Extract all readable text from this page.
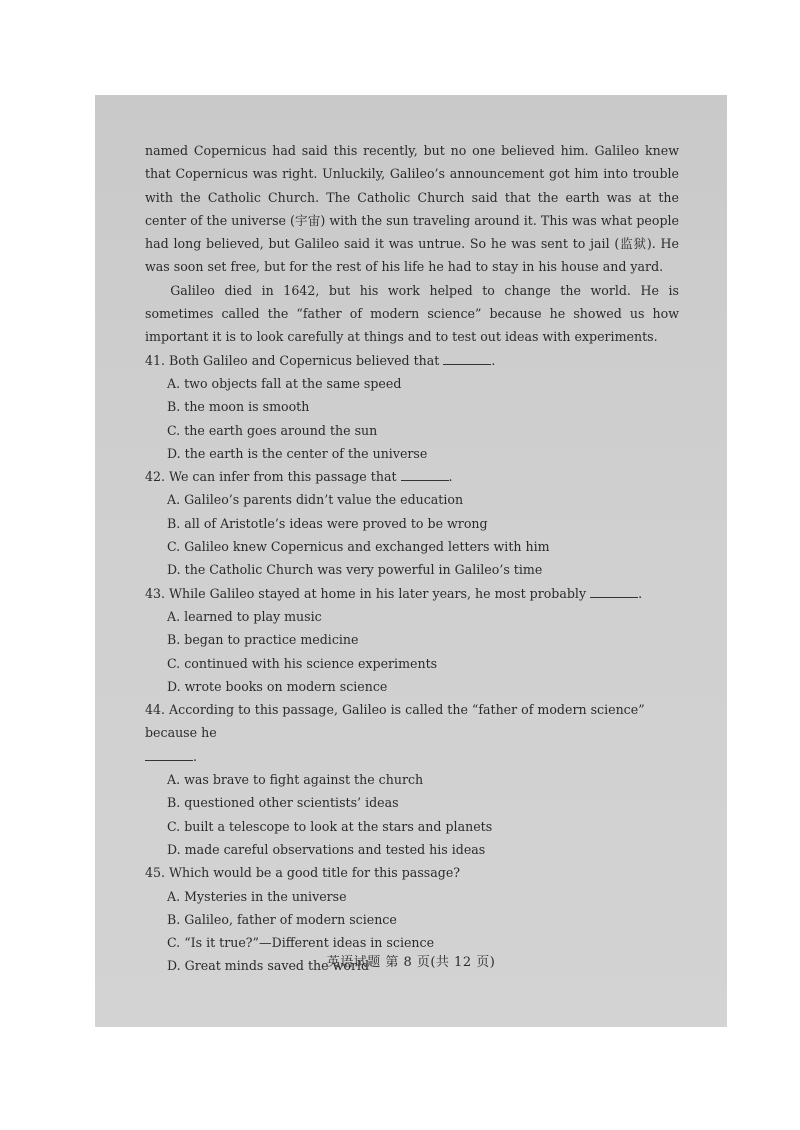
named Copernicus had said this recently, but no one believed him. Galileo knew that Copernicus was right. Unluckily, Galileo’s announcement got him into trouble with the Catholic Church. The Catholic Church said that the earth was at the center of the universe (宇宙) with the sun traveling around it. This was what people had long believed, but Galileo said it was untrue. So he was sent to jail (监狱). He was soon set free, but for the rest of his life he had to stay in his house and yard.

Galileo died in 1642, but his work helped to change the world. He is sometimes called the “father of modern science” because he showed us how important it is to look carefully at things and to test out ideas with experiments.

41. Both Galileo and Copernicus believed that	.
A. two objects fall at the same speed
B. the moon is smooth
C. the earth goes around the sun
D. the earth is the center of the universe
42. We can infer from this passage that	.
A. Galileo’s parents didn’t value the education
B. all of Aristotle’s ideas were proved to be wrong
C. Galileo knew Copernicus and exchanged letters with him
D. the Catholic Church was very powerful in Galileo’s time
43. While Galileo stayed at home in his later years, he most probably	.
A. learned to play music
B. began to practice medicine
C. continued with his science experiments
D. wrote books on modern science
44. According to this passage, Galileo is called the “father of modern science” because he
.
A. was brave to fight against the church
B. questioned other scientists’ ideas
C. built a telescope to look at the stars and planets
D. made careful observations and tested his ideas
45. Which would be a good title for this passage?
A. Mysteries in the universe
B. Galileo, father of modern science
C. “Is it true?”—Different ideas in science
D. Great minds saved the world
英语试题 第 8 页(共 12 页)
